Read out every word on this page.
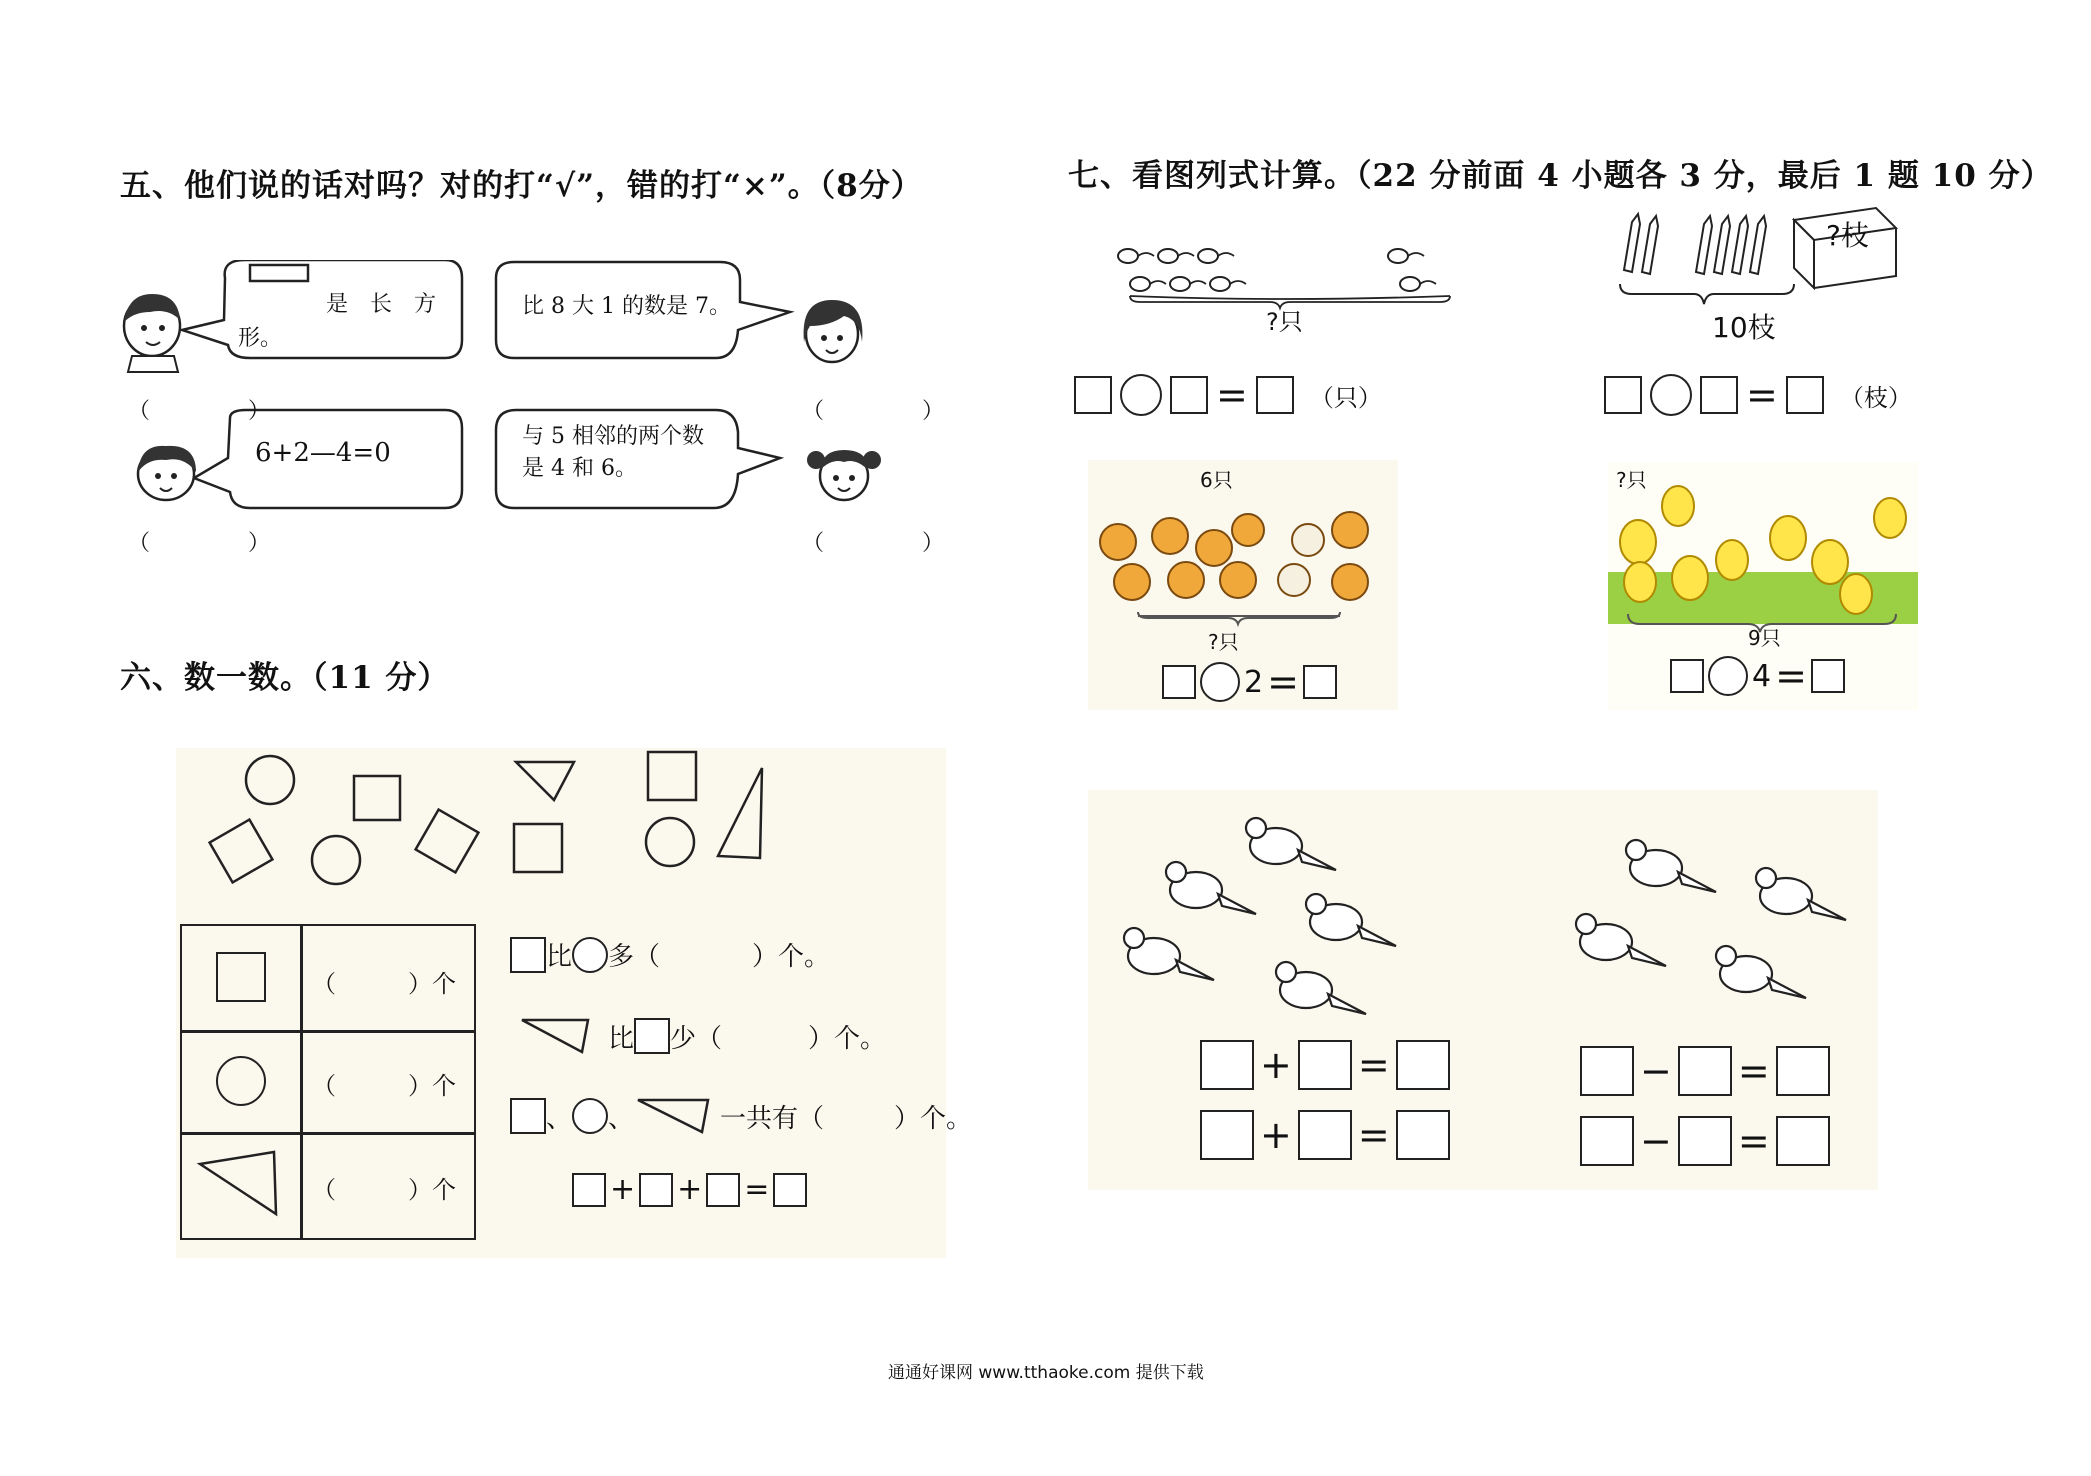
五、他们说的话对吗？对的打“√”，错的打“×”。（8分）
是　长　方
形。
比 8 大 1 的数是 7。
6+2—4=0
与 5 相邻的两个数
是 4 和 6。
（　　）	（　　）
（　　）	（　　）
六、数一数。（11 分）
（　　　）个
（　　　）个
（　　　）个
比 多（	）个。
比 少（	）个。
、 、	一共有（	）个。
+ + =
七、看图列式计算。（22 分前面 4 小题各 3 分，最后 1 题 10 分）
?只
=	（只）
?枝
10枝
=	（枝）
6只
?只
2 =
?只
9只
4 =
+ =
+ =
− =
− =
通通好课网 www.tthaoke.com 提供下载
